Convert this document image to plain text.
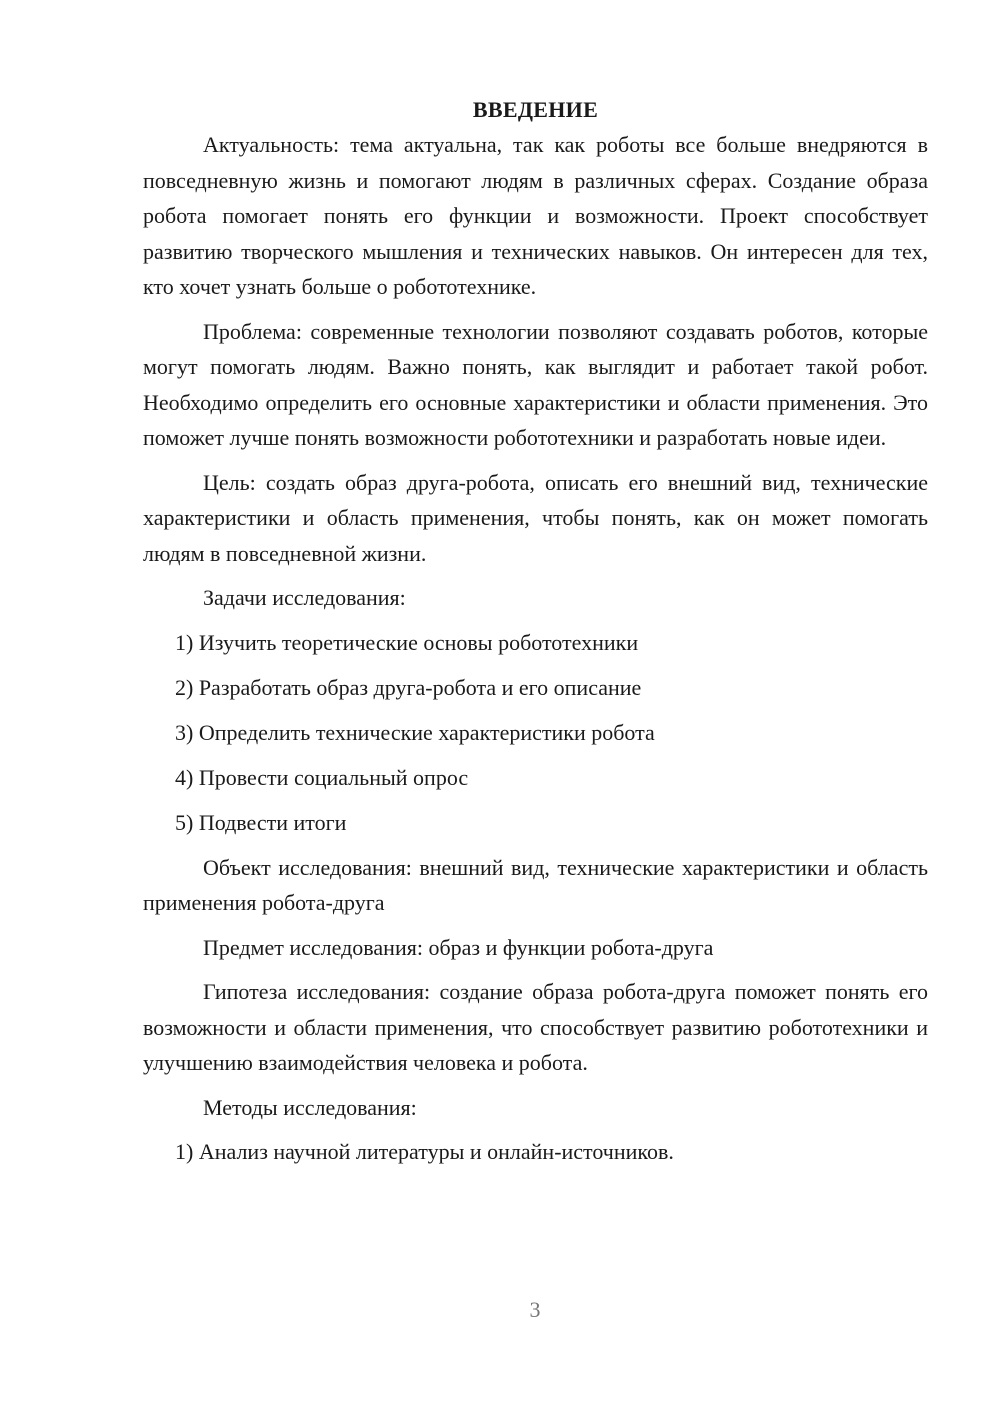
ВВЕДЕНИЕ

Актуальность: тема актуальна, так как роботы все больше внедряются в повседневную жизнь и помогают людям в различных сферах. Создание образа робота помогает понять его функции и возможности. Проект способствует развитию творческого мышления и технических навыков. Он интересен для тех, кто хочет узнать больше о робототехнике.

Проблема: современные технологии позволяют создавать роботов, которые могут помогать людям. Важно понять, как выглядит и работает такой робот. Необходимо определить его основные характеристики и области применения. Это поможет лучше понять возможности робототехники и разработать новые идеи.

Цель: создать образ друга-робота, описать его внешний вид, технические характеристики и область применения, чтобы понять, как он может помогать людям в повседневной жизни.

Задачи исследования:

1) Изучить теоретические основы робототехники

2) Разработать образ друга-робота и его описание

3) Определить технические характеристики робота

4) Провести социальный опрос

5) Подвести итоги

Объект исследования: внешний вид, технические характеристики и область применения робота-друга

Предмет исследования: образ и функции робота-друга

Гипотеза исследования: создание образа робота-друга поможет понять его возможности и области применения, что способствует развитию робототехники и улучшению взаимодействия человека и робота.

Методы исследования:

1) Анализ научной литературы и онлайн-источников.

3
